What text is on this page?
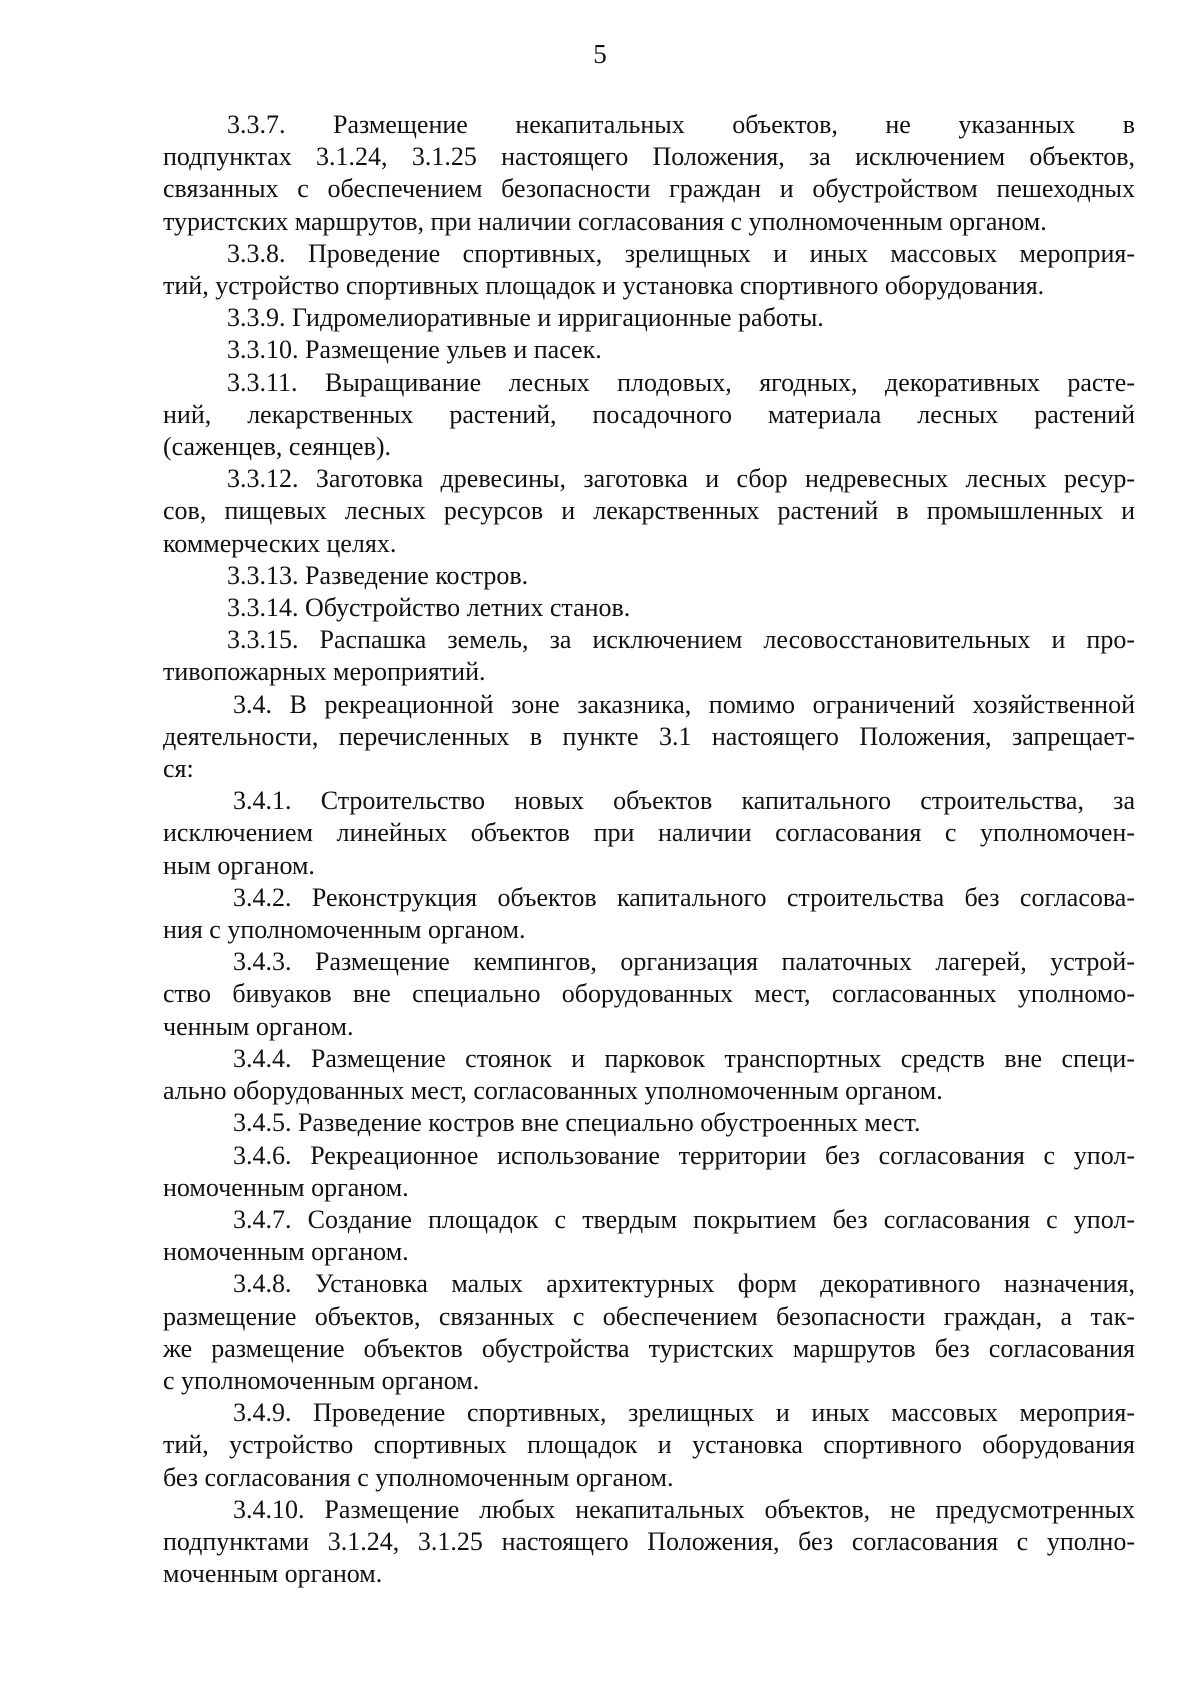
5
3.3.7. Размещение некапитальных объектов, не указанных в
подпунктах 3.1.24, 3.1.25 настоящего Положения, за исключением объектов,
связанных с обеспечением безопасности граждан и обустройством пешеходных
туристских маршрутов, при наличии согласования с уполномоченным органом.
3.3.8. Проведение спортивных, зрелищных и иных массовых мероприя-
тий, устройство спортивных площадок и установка спортивного оборудования.
3.3.9. Гидромелиоративные и ирригационные работы.
3.3.10. Размещение ульев и пасек.
3.3.11. Выращивание лесных плодовых, ягодных, декоративных расте-
ний, лекарственных растений, посадочного материала лесных растений
(саженцев, сеянцев).
3.3.12. Заготовка древесины, заготовка и сбор недревесных лесных ресур-
сов, пищевых лесных ресурсов и лекарственных растений в промышленных и
коммерческих целях.
3.3.13. Разведение костров.
3.3.14. Обустройство летних станов.
3.3.15. Распашка земель, за исключением лесовосстановительных и про-
тивопожарных мероприятий.
3.4. В рекреационной зоне заказника, помимо ограничений хозяйственной
деятельности, перечисленных в пункте 3.1 настоящего Положения, запрещает-
ся:
3.4.1. Строительство новых объектов капитального строительства, за
исключением линейных объектов при наличии согласования с уполномочен-
ным органом.
3.4.2. Реконструкция объектов капитального строительства без согласова-
ния с уполномоченным органом.
3.4.3. Размещение кемпингов, организация палаточных лагерей, устрой-
ство бивуаков вне специально оборудованных мест, согласованных уполномо-
ченным органом.
3.4.4. Размещение стоянок и парковок транспортных средств вне специ-
ально оборудованных мест, согласованных уполномоченным органом.
3.4.5. Разведение костров вне специально обустроенных мест.
3.4.6. Рекреационное использование территории без согласования с упол-
номоченным органом.
3.4.7. Создание площадок с твердым покрытием без согласования с упол-
номоченным органом.
3.4.8. Установка малых архитектурных форм декоративного назначения,
размещение объектов, связанных с обеспечением безопасности граждан, а так-
же размещение объектов обустройства туристских маршрутов без согласования
с уполномоченным органом.
3.4.9. Проведение спортивных, зрелищных и иных массовых мероприя-
тий, устройство спортивных площадок и установка спортивного оборудования
без согласования с уполномоченным органом.
3.4.10. Размещение любых некапитальных объектов, не предусмотренных
подпунктами 3.1.24, 3.1.25 настоящего Положения, без согласования с уполно-
моченным органом.
